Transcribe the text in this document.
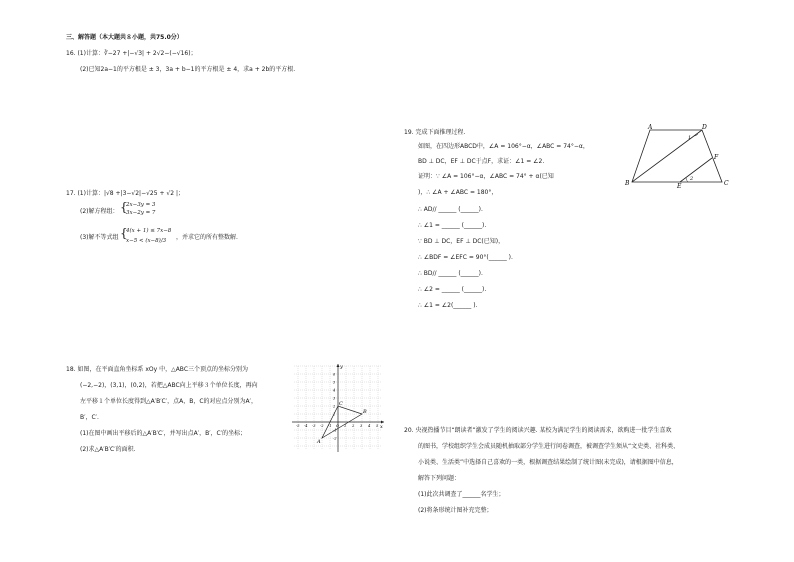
三、解答题（本大题共８小题，共75.0分）
16. (1)计算：∛−27 +|−√3| + 2√2−(−√16)；
(2)已知2a−1的平方根是 ± 3，3a + b−1的平方根是 ± 4，求a + 2b的平方根.
17. (1)计算：|√8 +|3−√2|−√25 + √2 |；
(2)解方程组： {
2x−3y = 3
3x−2y = 7
(3)解不等式组 {
4(x + 1) ≤ 7x−8
x−5 < (x−8)/3 ，并求它的所有整数解.
18. 如图，在平面直角坐标系 xOy 中，△ABC三个顶点的坐标分别为
(−2,−2)，(3,1)，(0,2)，若把△ABC向上平移３个单位长度，再向
左平移１个单位长度得到△A′B′C′，点A，B，C的对应点分别为A′，
B′，C′.
(1)在图中画出平移后的△A′B′C′，并写出点A′，B′，C′的坐标；
(2)求△A′B′C′的面积.
-5 -4 -3 -2 -1 O 1 2 3 4 5
6
5
4
3
2
1
-1
-2
x
y
C
A
B
19. 完成下面推理过程.
如图，在四边形ABCD中，∠A = 106°−α，∠ABC = 74°−α，
BD ⊥ DC，EF ⊥ DC于点F，求证：∠1 = ∠2.
证明：∵ ∠A = 106°−α，∠ABC = 74° + α(已知
)，∴ ∠A + ∠ABC = 180°，
∴ AD// ______ (______).
∴ ∠1 = ______ (______).
∵ BD ⊥ DC，EF ⊥ DC(已知)，
∴ ∠BDF = ∠EFC = 90°(______ ).
∴ BD// ______ (______).
∴ ∠2 = ______ (______).
∴ ∠1 = ∠2(______ ).
A	D
B	C
E
F
1
2
20. 央视热播节目“朗读者”激发了学生的阅读兴趣. 某校为满足学生的阅读需求，欲购进一批学生喜欢
的图书，学校组织学生会成员随机抽取部分学生进行问卷调查，被调查学生须从“文史类、社科类、
小说类、生活类”中选择自己喜欢的一类，根据调查结果绘制了统计图(未完成)，请根据图中信息，
解答下列问题：
(1)此次共调查了______名学生；
(2)将条形统计图补充完整；
